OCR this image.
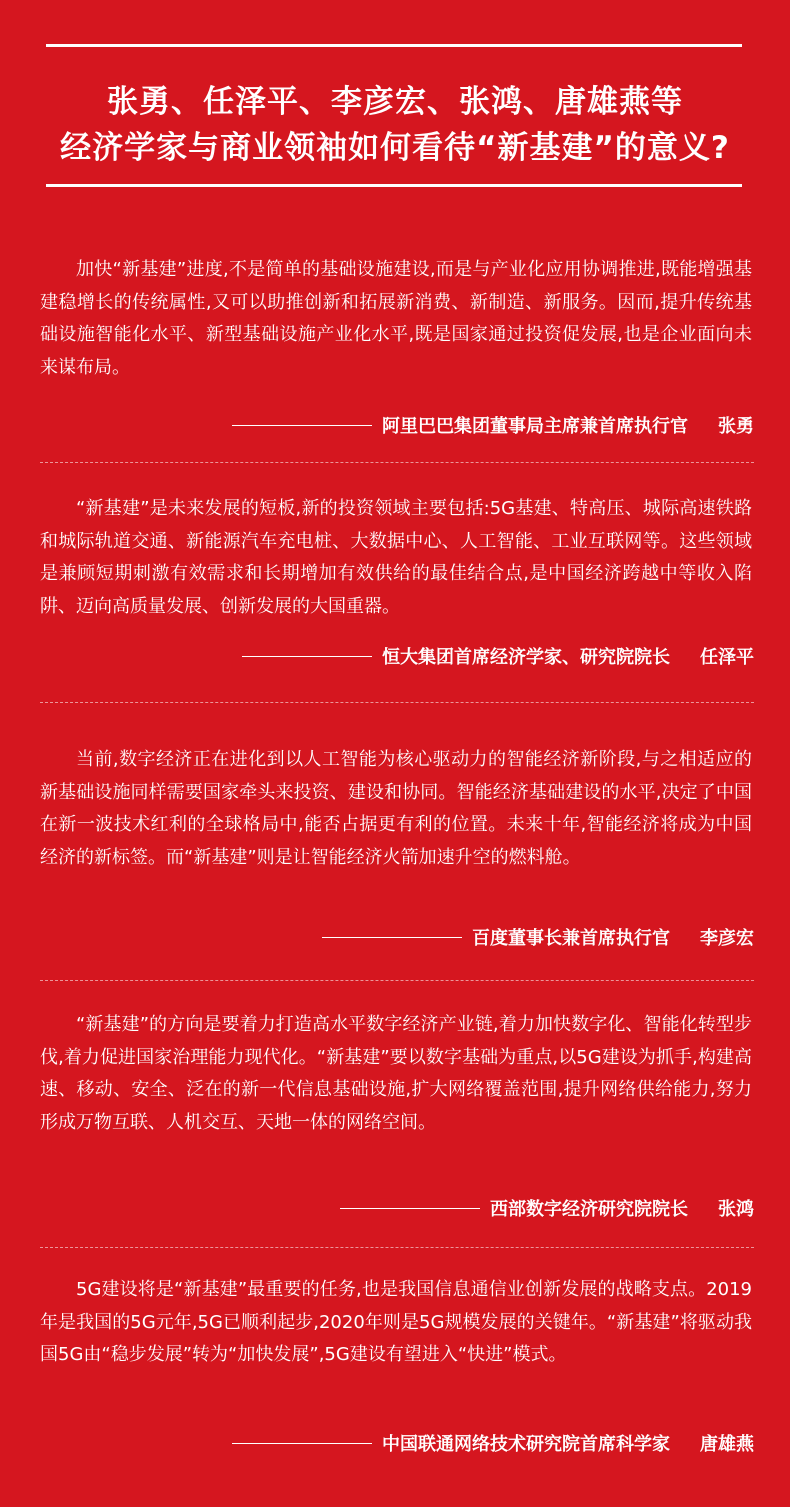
张勇、任泽平、李彦宏、张鸿、唐雄燕等
经济学家与商业领袖如何看待“新基建”的意义?

加快“新基建”进度,不是简单的基础设施建设,而是与产业化应用协调推进,既能增强基建稳增长的传统属性,又可以助推创新和拓展新消费、新制造、新服务。因而,提升传统基础设施智能化水平、新型基础设施产业化水平,既是国家通过投资促发展,也是企业面向未来谋布局。

阿里巴巴集团董事局主席兼首席执行官 张勇

“新基建”是未来发展的短板,新的投资领域主要包括:5G基建、特高压、城际高速铁路和城际轨道交通、新能源汽车充电桩、大数据中心、人工智能、工业互联网等。这些领域是兼顾短期刺激有效需求和长期增加有效供给的最佳结合点,是中国经济跨越中等收入陷阱、迈向高质量发展、创新发展的大国重器。

恒大集团首席经济学家、研究院院长 任泽平

当前,数字经济正在进化到以人工智能为核心驱动力的智能经济新阶段,与之相适应的新基础设施同样需要国家牵头来投资、建设和协同。智能经济基础建设的水平,决定了中国在新一波技术红利的全球格局中,能否占据更有利的位置。未来十年,智能经济将成为中国经济的新标签。而“新基建”则是让智能经济火箭加速升空的燃料舱。

百度董事长兼首席执行官 李彦宏

“新基建”的方向是要着力打造高水平数字经济产业链,着力加快数字化、智能化转型步伐,着力促进国家治理能力现代化。“新基建”要以数字基础为重点,以5G建设为抓手,构建高速、移动、安全、泛在的新一代信息基础设施,扩大网络覆盖范围,提升网络供给能力,努力形成万物互联、人机交互、天地一体的网络空间。

西部数字经济研究院院长 张鸿

5G建设将是“新基建”最重要的任务,也是我国信息通信业创新发展的战略支点。2019年是我国的5G元年,5G已顺利起步,2020年则是5G规模发展的关键年。“新基建”将驱动我国5G由“稳步发展”转为“加快发展”,5G建设有望进入“快进”模式。

中国联通网络技术研究院首席科学家 唐雄燕
